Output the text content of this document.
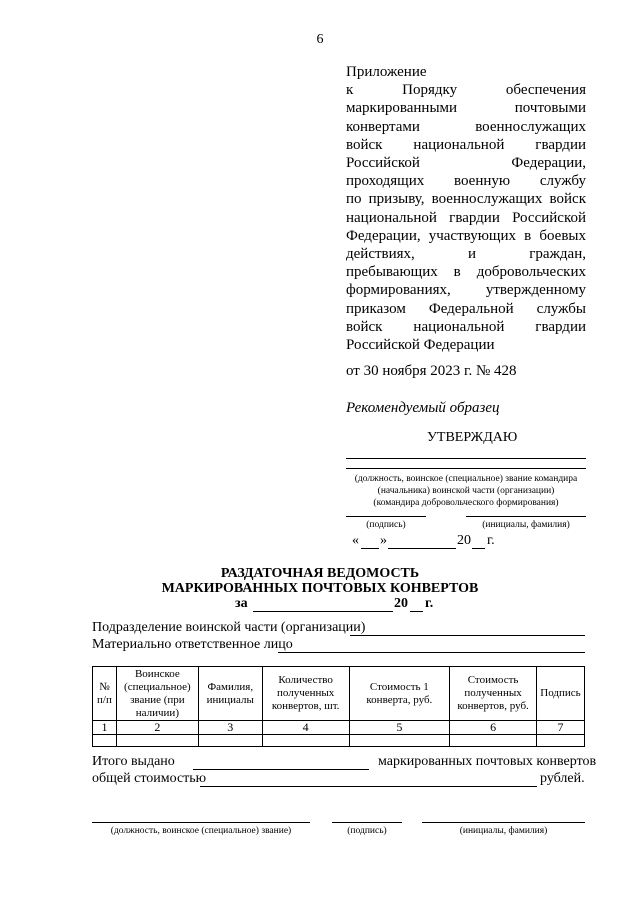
6
Приложение
к Порядку обеспечения
маркированными почтовыми
конвертами военнослужащих
войск национальной гвардии
Российской Федерации,
проходящих военную службу
по призыву, военнослужащих войск
национальной гвардии Российской
Федерации, участвующих в боевых
действиях, и граждан,
пребывающих в добровольческих
формированиях, утвержденному
приказом Федеральной службы
войск национальной гвардии
Российской Федерации
от 30 ноября 2023 г. № 428
Рекомендуемый образец
УТВЕРЖДАЮ
(должность, воинское (специальное) звание командира
(начальника) воинской части (организации)
(командира добровольческого формирования)
(подпись)	(инициалы, фамилия)
« »	20 г.
РАЗДАТОЧНАЯ ВЕДОМОСТЬ
МАРКИРОВАННЫХ ПОЧТОВЫХ КОНВЕРТОВ
за	20 г.
Подразделение воинской части (организации)
Материально ответственное лицо
№ п/п	Воинское (специальное) звание (при наличии)	Фамилия, инициалы	Количество полученных конвертов, шт.	Стоимость 1 конверта, руб.	Стоимость полученных конвертов, руб.	Подпись
1	2	3	4	5	6	7

Итого выдано	маркированных почтовых конвертов
общей стоимостью	рублей.
(должность, воинское (специальное) звание)	(подпись)	(инициалы, фамилия)
